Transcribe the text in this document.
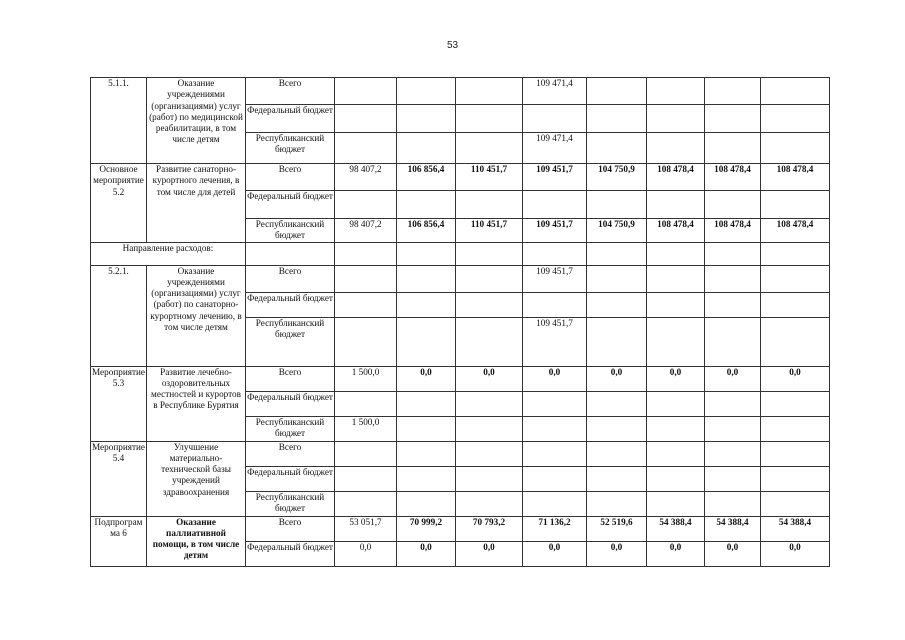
53
5.1.1.	Оказание учреждениями (организациями) услуг (работ) по медицинской реабилитации, в том числе детям	Всего				109 471,4				
		Федеральный бюджет								
		Республиканский бюджет				109 471,4				
Основное мероприятие 5.2	Развитие санаторно-курортного лечения, в том числе для детей	Всего	98 407,2	106 856,4	110 451,7	109 451,7	104 750,9	108 478,4	108 478,4	108 478,4
		Федеральный бюджет								
		Республиканский бюджет	98 407,2	106 856,4	110 451,7	109 451,7	104 750,9	108 478,4	108 478,4	108 478,4
Направление расходов:										
5.2.1.	Оказание учреждениями (организациями) услуг (работ) по санаторно-курортному лечению, в том числе детям	Всего				109 451,7				
		Федеральный бюджет								
		Республиканский бюджет				109 451,7				
Мероприятие 5.3	Развитие лечебно-оздоровительных местностей и курортов в Республике Бурятия	Всего	1 500,0	0,0	0,0	0,0	0,0	0,0	0,0	0,0
		Федеральный бюджет								
		Республиканский бюджет	1 500,0							
Мероприятие 5.4	Улучшение материально-технической базы учреждений здравоохранения	Всего								
		Федеральный бюджет								
		Республиканский бюджет								
Подпрограмма 6	Оказание паллиативной помощи, в том числе детям	Всего	53 051,7	70 999,2	70 793,2	71 136,2	52 519,6	54 388,4	54 388,4	54 388,4
		Федеральный бюджет	0,0	0,0	0,0	0,0	0,0	0,0	0,0	0,0
